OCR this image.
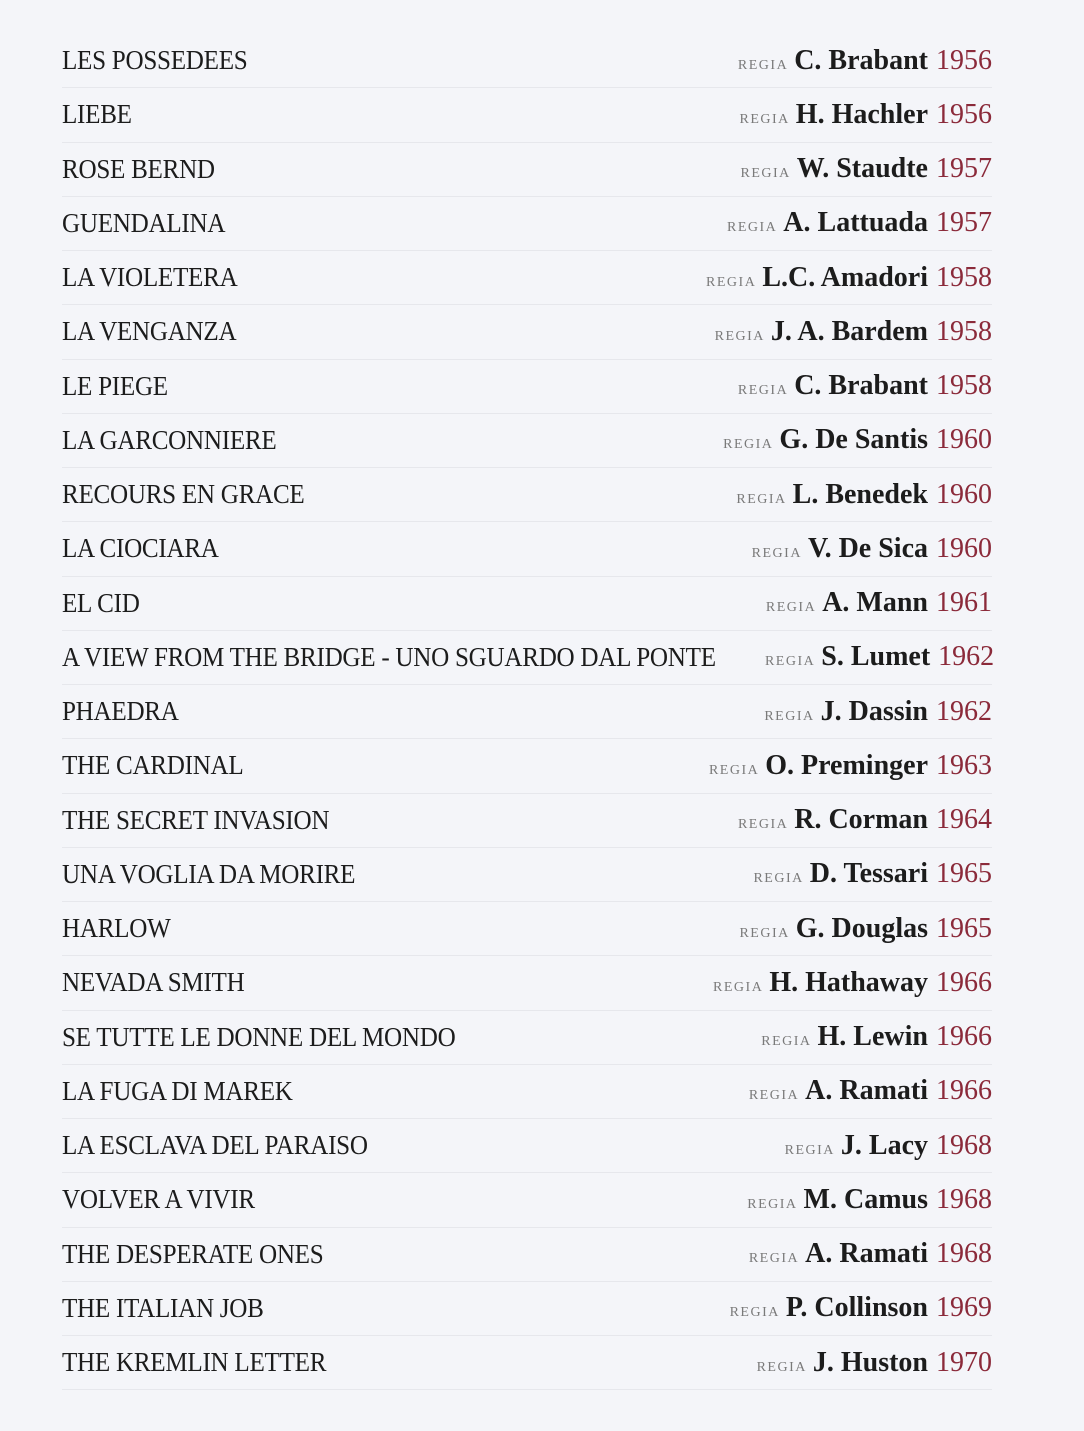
LES POSSEDEES	REGIA C. Brabant 1956
LIEBE	REGIA H. Hachler 1956
ROSE BERND	REGIA W. Staudte 1957
GUENDALINA	REGIA A. Lattuada 1957
LA VIOLETERA	REGIA L.C. Amadori 1958
LA VENGANZA	REGIA J. A. Bardem 1958
LE PIEGE	REGIA C. Brabant 1958
LA GARCONNIERE	REGIA G. De Santis 1960
RECOURS EN GRACE	REGIA L. Benedek 1960
LA CIOCIARA	REGIA V. De Sica 1960
EL CID	REGIA A. Mann 1961
A VIEW FROM THE BRIDGE - UNO SGUARDO DAL PONTE	REGIA S. Lumet 1962
PHAEDRA	REGIA J. Dassin 1962
THE CARDINAL	REGIA O. Preminger 1963
THE SECRET INVASION	REGIA R. Corman 1964
UNA VOGLIA DA MORIRE	REGIA D. Tessari 1965
HARLOW	REGIA G. Douglas 1965
NEVADA SMITH	REGIA H. Hathaway 1966
SE TUTTE LE DONNE DEL MONDO	REGIA H. Lewin 1966
LA FUGA DI MAREK	REGIA A. Ramati 1966
LA ESCLAVA DEL PARAISO	REGIA J. Lacy 1968
VOLVER A VIVIR	REGIA M. Camus 1968
THE DESPERATE ONES	REGIA A. Ramati 1968
THE ITALIAN JOB	REGIA P. Collinson 1969
THE KREMLIN LETTER	REGIA J. Huston 1970
